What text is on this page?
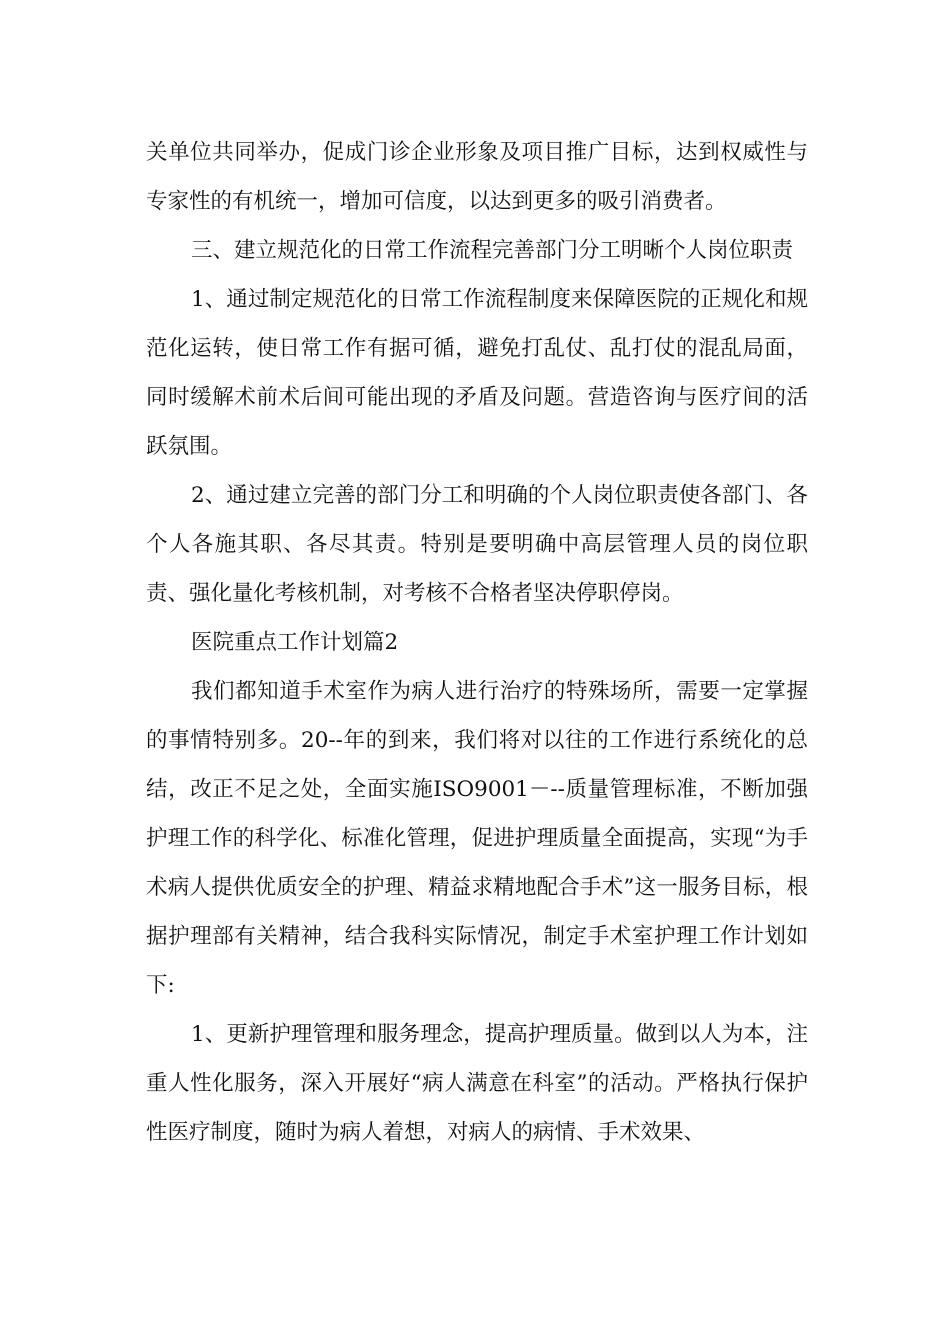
关单位共同举办，促成门诊企业形象及项目推广目标，达到权威性与专家性的有机统一，增加可信度，以达到更多的吸引消费者。

三、建立规范化的日常工作流程完善部门分工明晰个人岗位职责

1、通过制定规范化的日常工作流程制度来保障医院的正规化和规范化运转，使日常工作有据可循，避免打乱仗、乱打仗的混乱局面，同时缓解术前术后间可能出现的矛盾及问题。营造咨询与医疗间的活跃氛围。

2、通过建立完善的部门分工和明确的个人岗位职责使各部门、各个人各施其职、各尽其责。特别是要明确中高层管理人员的岗位职责、强化量化考核机制，对考核不合格者坚决停职停岗。

医院重点工作计划篇2

我们都知道手术室作为病人进行治疗的特殊场所，需要一定掌握的事情特别多。20--年的到来，我们将对以往的工作进行系统化的总结，改正不足之处，全面实施ISO9001－--质量管理标准，不断加强护理工作的科学化、标准化管理，促进护理质量全面提高，实现“为手术病人提供优质安全的护理、精益求精地配合手术”这一服务目标，根据护理部有关精神，结合我科实际情况，制定手术室护理工作计划如下:

1、更新护理管理和服务理念，提高护理质量。做到以人为本，注重人性化服务，深入开展好“病人满意在科室”的活动。严格执行保护性医疗制度，随时为病人着想，对病人的病情、手术效果、
